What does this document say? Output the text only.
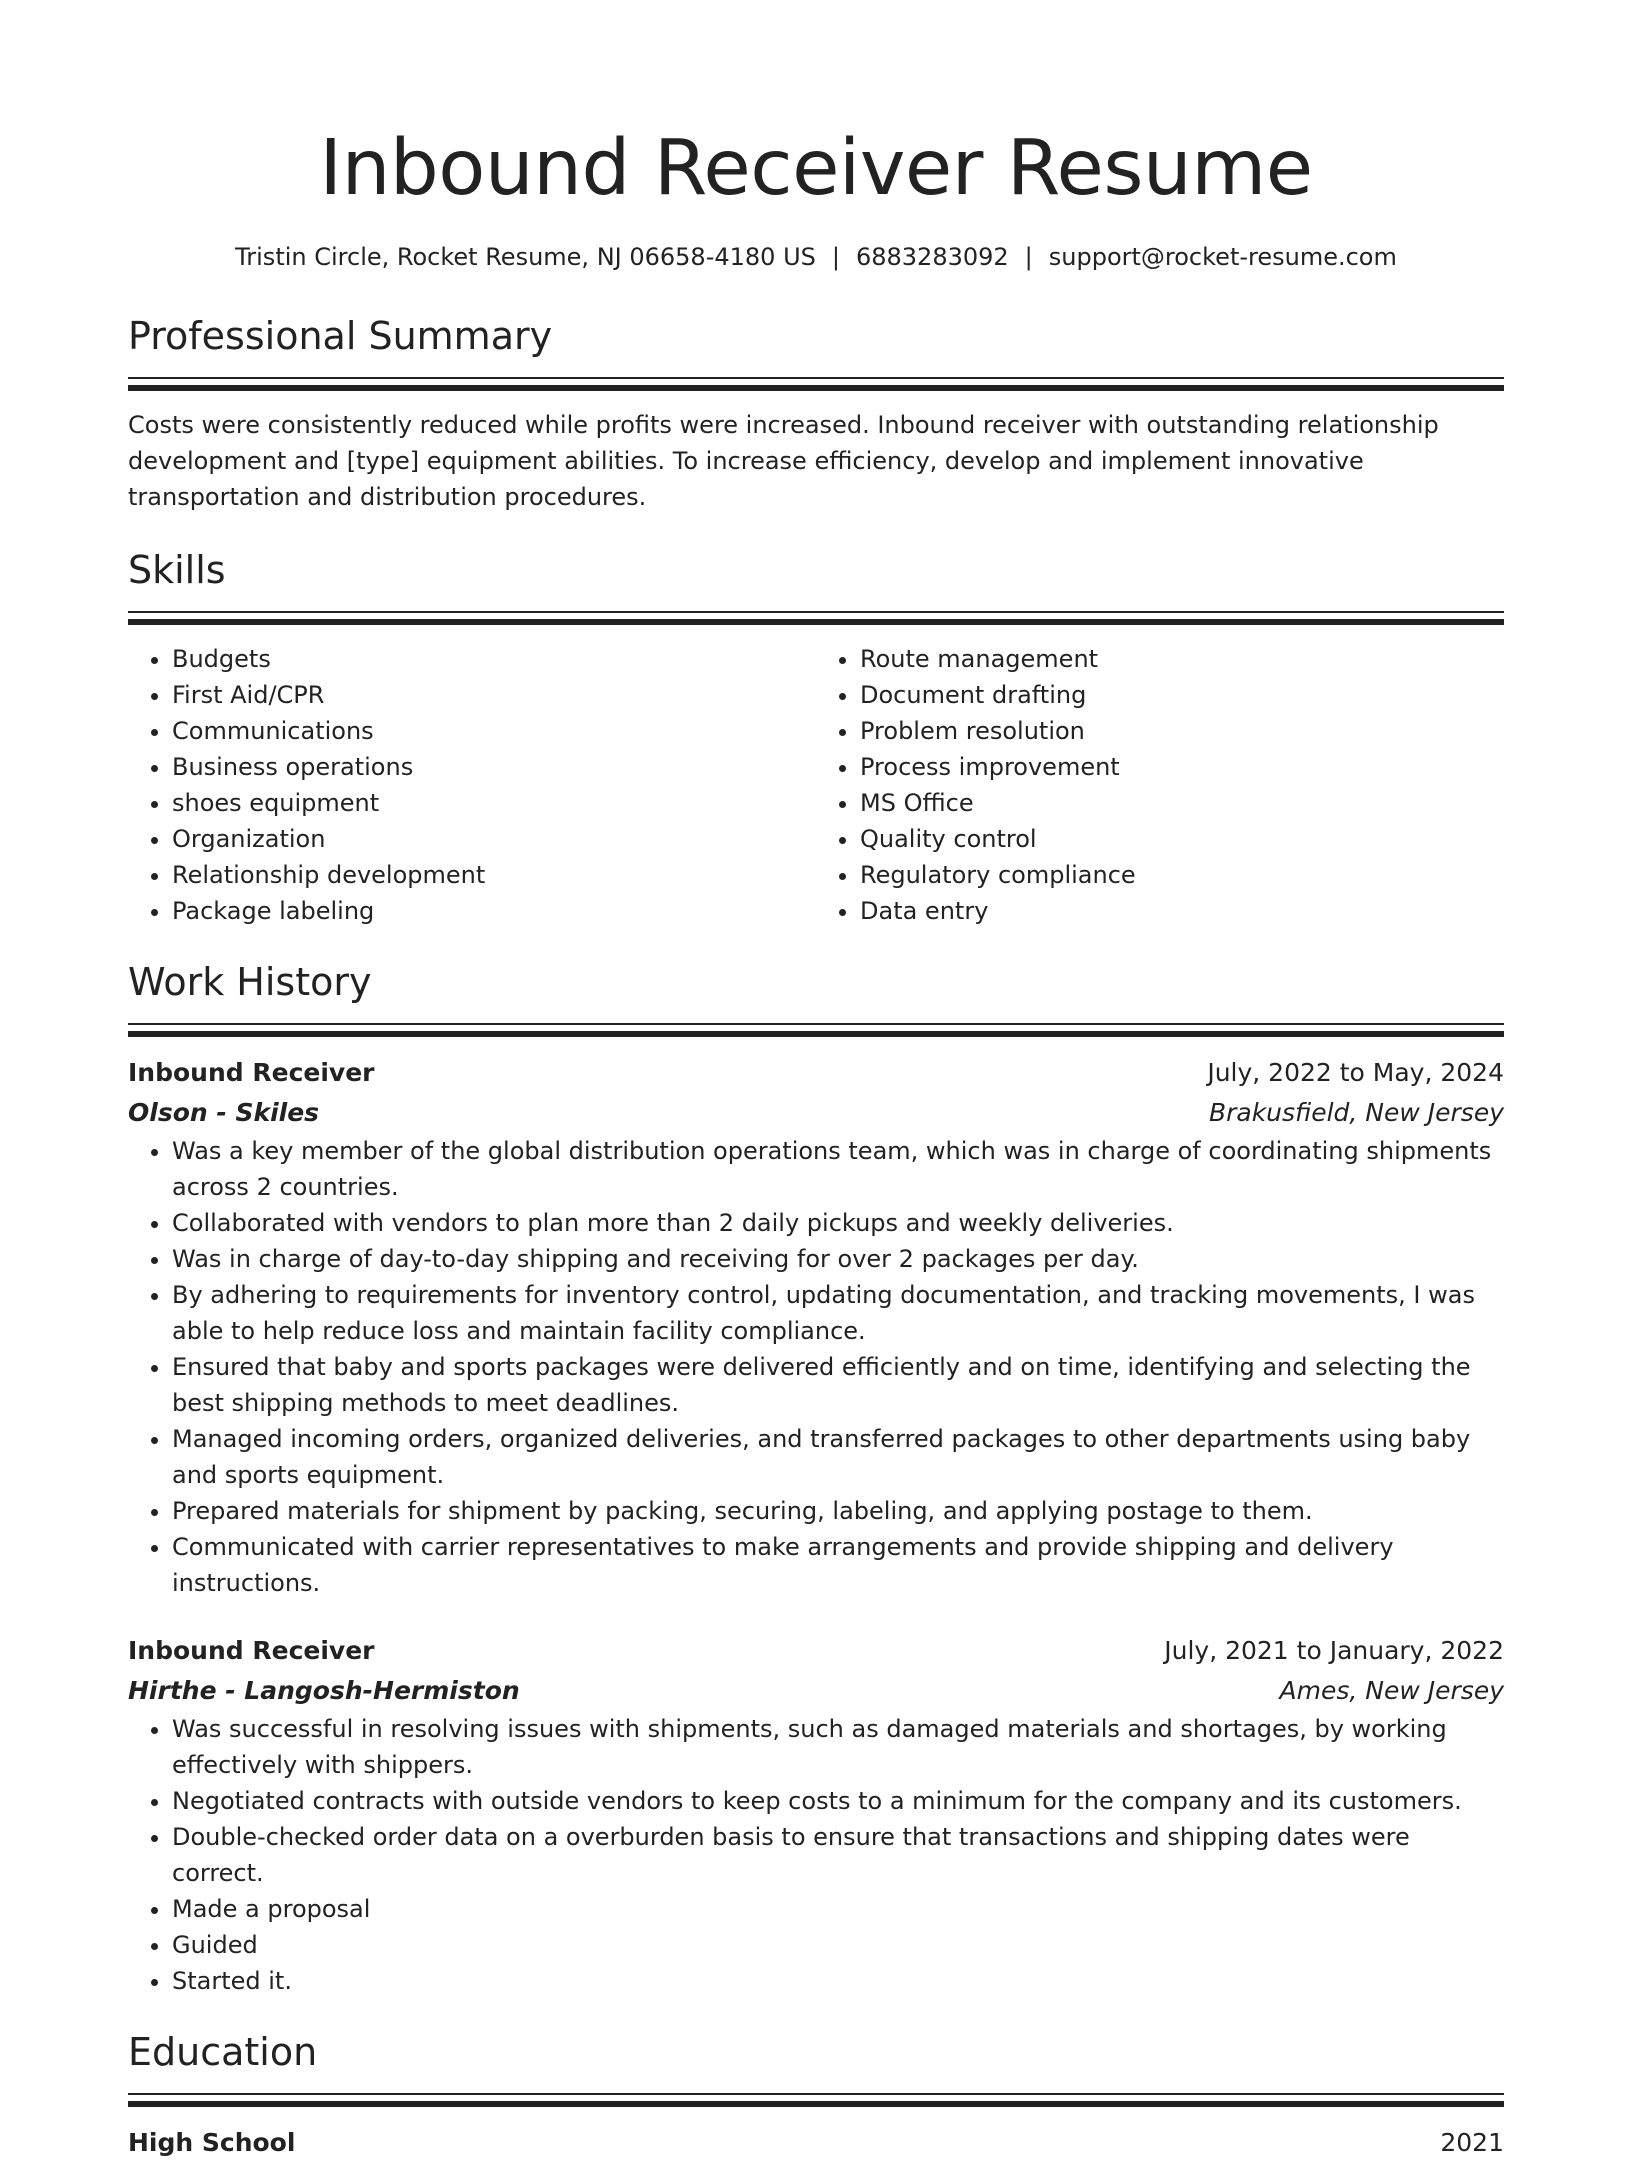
Inbound Receiver Resume
Tristin Circle, Rocket Resume, NJ 06658-4180 US | 6883283092 | support@rocket-resume.com
Professional Summary

Costs were consistently reduced while profits were increased. Inbound receiver with outstanding relationship development and [type] equipment abilities. To increase efficiency, develop and implement innovative transportation and distribution procedures.

Skills
• Budgets
• First Aid/CPR
• Communications
• Business operations
• shoes equipment
• Organization
• Relationship development
• Package labeling
• Route management
• Document drafting
• Problem resolution
• Process improvement
• MS Office
• Quality control
• Regulatory compliance
• Data entry
Work History
Inbound Receiver	July, 2022 to May, 2024
Olson - Skiles	Brakusfield, New Jersey
• Was a key member of the global distribution operations team, which was in charge of coordinating shipments across 2 countries.
• Collaborated with vendors to plan more than 2 daily pickups and weekly deliveries.
• Was in charge of day-to-day shipping and receiving for over 2 packages per day.
• By adhering to requirements for inventory control, updating documentation, and tracking movements, I was able to help reduce loss and maintain facility compliance.
• Ensured that baby and sports packages were delivered efficiently and on time, identifying and selecting the best shipping methods to meet deadlines.
• Managed incoming orders, organized deliveries, and transferred packages to other departments using baby and sports equipment.
• Prepared materials for shipment by packing, securing, labeling, and applying postage to them.
• Communicated with carrier representatives to make arrangements and provide shipping and delivery instructions.
Inbound Receiver	July, 2021 to January, 2022
Hirthe - Langosh-Hermiston	Ames, New Jersey
• Was successful in resolving issues with shipments, such as damaged materials and shortages, by working effectively with shippers.
• Negotiated contracts with outside vendors to keep costs to a minimum for the company and its customers.
• Double-checked order data on a overburden basis to ensure that transactions and shipping dates were correct.
• Made a proposal
• Guided
• Started it.
Education
High School	2021
